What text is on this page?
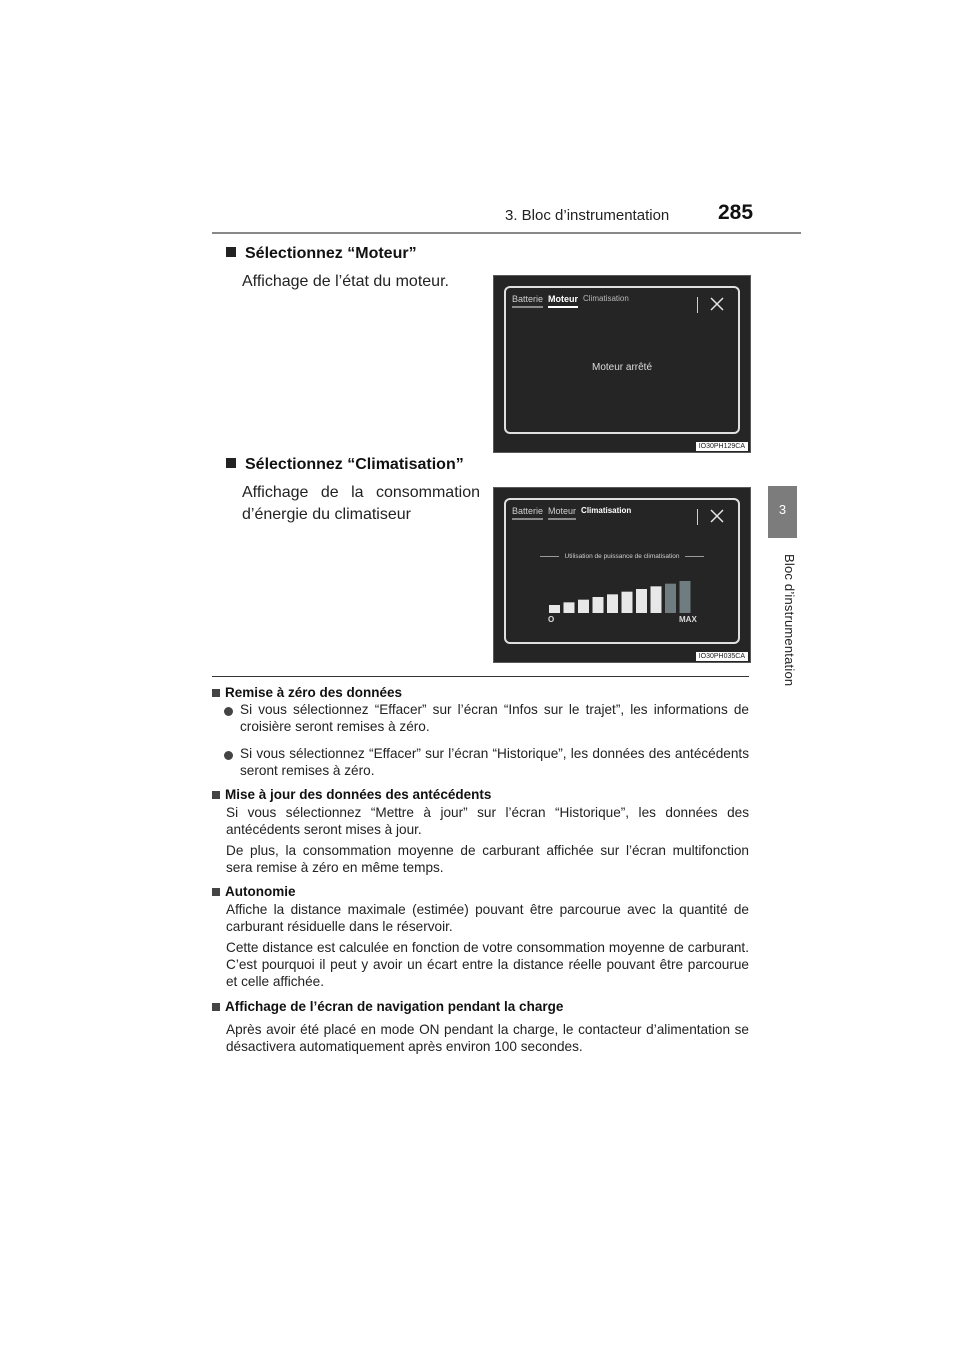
3. Bloc d’instrumentation 285
3
Bloc d’instrumentation
Sélectionnez “Moteur”
Affichage de l’état du moteur.
Batterie Moteur Climatisation
Moteur arrêté
IO30PH129CA
Sélectionnez “Climatisation”
Affichage de la consommation d’énergie du climatiseur	Batterie Moteur Climatisation
Utilisation de puissance de climatisation
O	MAX
IO30PH035CA
Remise à zéro des données
Si vous sélectionnez “Effacer” sur l’écran “Infos sur le trajet”, les informations de croisière seront remises à zéro.
Si vous sélectionnez “Effacer” sur l’écran “Historique”, les données des antécédents seront remises à zéro.
Mise à jour des données des antécédents
Si vous sélectionnez “Mettre à jour” sur l’écran “Historique”, les données des antécédents seront mises à jour.
De plus, la consommation moyenne de carburant affichée sur l’écran multifonction sera remise à zéro en même temps.
Autonomie
Affiche la distance maximale (estimée) pouvant être parcourue avec la quantité de carburant résiduelle dans le réservoir.
Cette distance est calculée en fonction de votre consommation moyenne de carburant. C’est pourquoi il peut y avoir un écart entre la distance réelle pouvant être parcourue et celle affichée.
Affichage de l’écran de navigation pendant la charge
Après avoir été placé en mode ON pendant la charge, le contacteur d’alimentation se désactivera automatiquement après environ 100 secondes.
